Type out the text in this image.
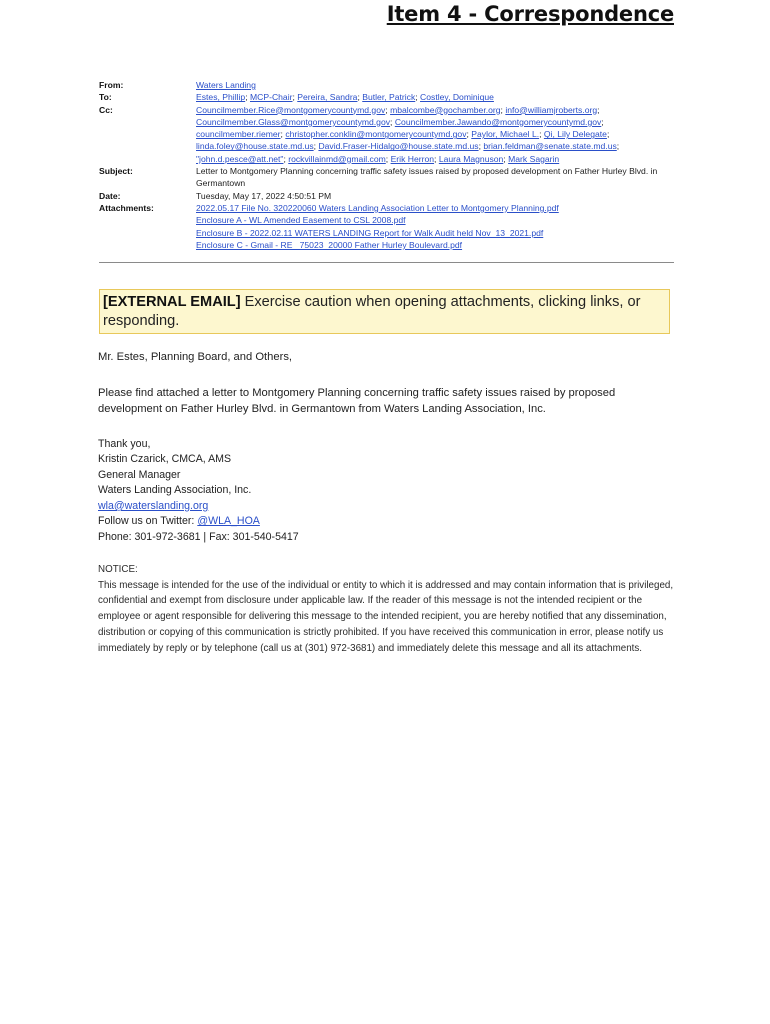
Item 4 - Correspondence
From:	Waters Landing
To:	Estes, Phillip; MCP-Chair; Pereira, Sandra; Butler, Patrick; Costley, Dominique
Cc:	Councilmember.Rice@montgomerycountymd.gov; mbalcombe@gochamber.org; info@williamjroberts.org; Councilmember.Glass@montgomerycountymd.gov; Councilmember.Jawando@montgomerycountymd.gov; councilmember.riemer; christopher.conklin@montgomerycountymd.gov; Paylor, Michael L.; Qi, Lily Delegate; linda.foley@house.state.md.us; David.Fraser-Hidalgo@house.state.md.us; brian.feldman@senate.state.md.us; "john.d.pesce@att.net"; rockvillainmd@gmail.com; Erik Herron; Laura Magnuson; Mark Sagarin
Subject:	Letter to Montgomery Planning concerning traffic safety issues raised by proposed development on Father Hurley Blvd. in Germantown
Date:	Tuesday, May 17, 2022 4:50:51 PM
Attachments:	2022.05.17 File No. 320220060 Waters Landing Association Letter to Montgomery Planning.pdf
Enclosure A - WL Amended Easement to CSL 2008.pdf
Enclosure B - 2022.02.11 WATERS LANDING Report for Walk Audit held Nov_13_2021.pdf
Enclosure C - Gmail - RE_ 75023_20000 Father Hurley Boulevard.pdf
[EXTERNAL EMAIL] Exercise caution when opening attachments, clicking links, or responding.

Mr. Estes, Planning Board, and Others,

Please find attached a letter to Montgomery Planning concerning traffic safety issues raised by proposed development on Father Hurley Blvd. in Germantown from Waters Landing Association, Inc.

Thank you,
Kristin Czarick, CMCA, AMS
General Manager
Waters Landing Association, Inc.
wla@waterslanding.org
Follow us on Twitter: @WLA_HOA
Phone: 301-972-3681 | Fax: 301-540-5417
NOTICE:
This message is intended for the use of the individual or entity to which it is addressed and may contain information that is privileged, confidential and exempt from disclosure under applicable law. If the reader of this message is not the intended recipient or the employee or agent responsible for delivering this message to the intended recipient, you are hereby notified that any dissemination, distribution or copying of this communication is strictly prohibited. If you have received this communication in error, please notify us immediately by reply or by telephone (call us at (301) 972-3681) and immediately delete this message and all its attachments.
